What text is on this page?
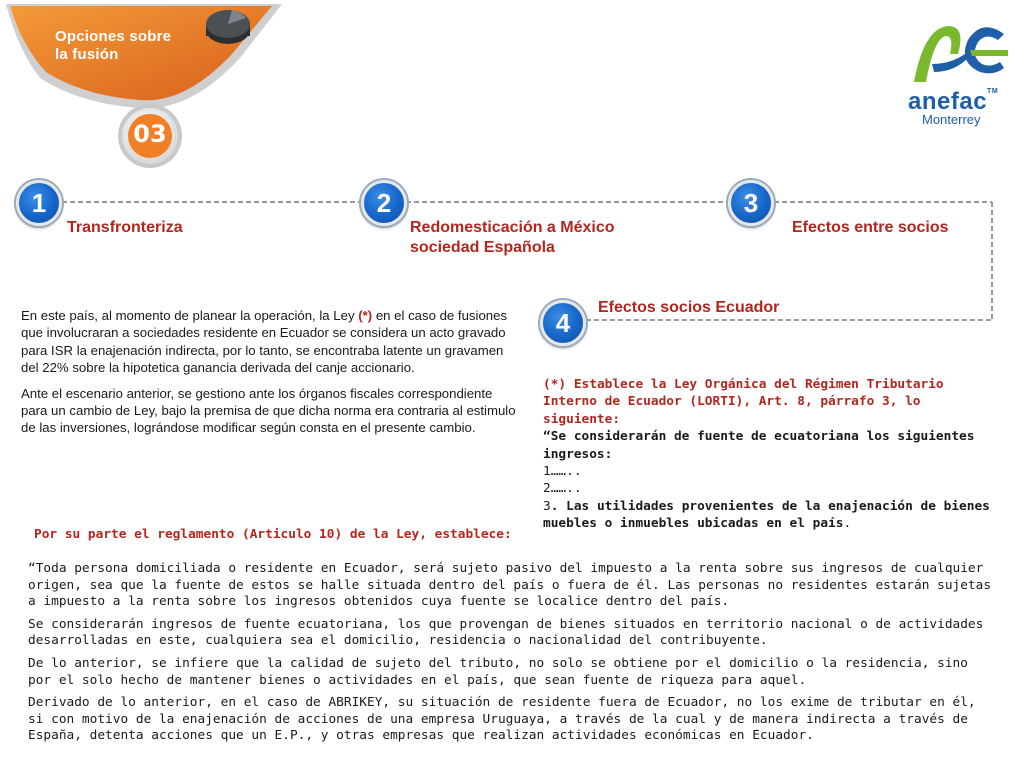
Opciones sobre
la fusión
03
anefac™
Monterrey
1
Transfronteriza
2
Redomesticación a México
sociedad Española
3
Efectos entre socios
4
Efectos socios Ecuador

En este país, al momento de planear la operación, la Ley (*) en el caso de fusiones que involucraran a sociedades residente en Ecuador se considera un acto gravado para ISR la enajenación indirecta, por lo tanto, se encontraba latente un gravamen del 22% sobre la hipotetica ganancia derivada del canje accionario.

Ante el escenario anterior, se gestiono ante los órganos fiscales correspondiente para un cambio de Ley, bajo la premisa de que dicha norma era contraria al estimulo de las inversiones, lográndose modificar según consta en el presente cambio.

(*) Establece la Ley Orgánica del Régimen Tributario Interno de Ecuador (LORTI), Art. 8, párrafo 3, lo siguiente:
“Se considerarán de fuente de ecuatoriana los siguientes ingresos:
1……..
2……..
3. Las utilidades provenientes de la enajenación de bienes muebles o inmuebles ubicadas en el país.
Por su parte el reglamento (Articulo 10) de la Ley, establece:

“Toda persona domiciliada o residente en Ecuador, será sujeto pasivo del impuesto a la renta sobre sus ingresos de cualquier origen, sea que la fuente de estos se halle situada dentro del país o fuera de él. Las personas no residentes estarán sujetas a impuesto a la renta sobre los ingresos obtenidos cuya fuente se localice dentro del país.

Se considerarán ingresos de fuente ecuatoriana, los que provengan de bienes situados en territorio nacional o de actividades desarrolladas en este, cualquiera sea el domicilio, residencia o nacionalidad del contribuyente.

De lo anterior, se infiere que la calidad de sujeto del tributo, no solo se obtiene por el domicilio o la residencia, sino por el solo hecho de mantener bienes o actividades en el país, que sean fuente de riqueza para aquel.

Derivado de lo anterior, en el caso de ABRIKEY, su situación de residente fuera de Ecuador, no los exime de tributar en él, si con motivo de la enajenación de acciones de una empresa Uruguaya, a través de la cual y de manera indirecta a través de España, detenta acciones que un E.P., y otras empresas que realizan actividades económicas en Ecuador.
